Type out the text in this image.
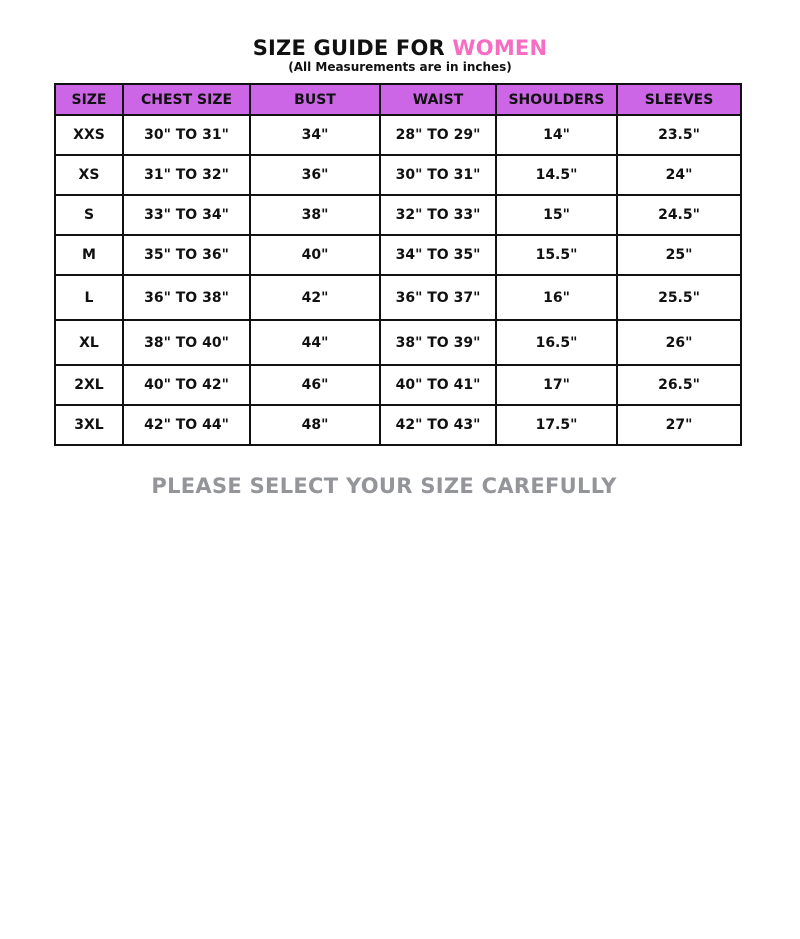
SIZE GUIDE FOR WOMEN
(All Measurements are in inches)
SIZE	CHEST SIZE	BUST	WAIST	SHOULDERS	SLEEVES
XXS	30" TO 31"	34"	28" TO 29"	14"	23.5"
XS	31" TO 32"	36"	30" TO 31"	14.5"	24"
S	33" TO 34"	38"	32" TO 33"	15"	24.5"
M	35" TO 36"	40"	34" TO 35"	15.5"	25"
L	36" TO 38"	42"	36" TO 37"	16"	25.5"
XL	38" TO 40"	44"	38" TO 39"	16.5"	26"
2XL	40" TO 42"	46"	40" TO 41"	17"	26.5"
3XL	42" TO 44"	48"	42" TO 43"	17.5"	27"
PLEASE SELECT YOUR SIZE CAREFULLY
